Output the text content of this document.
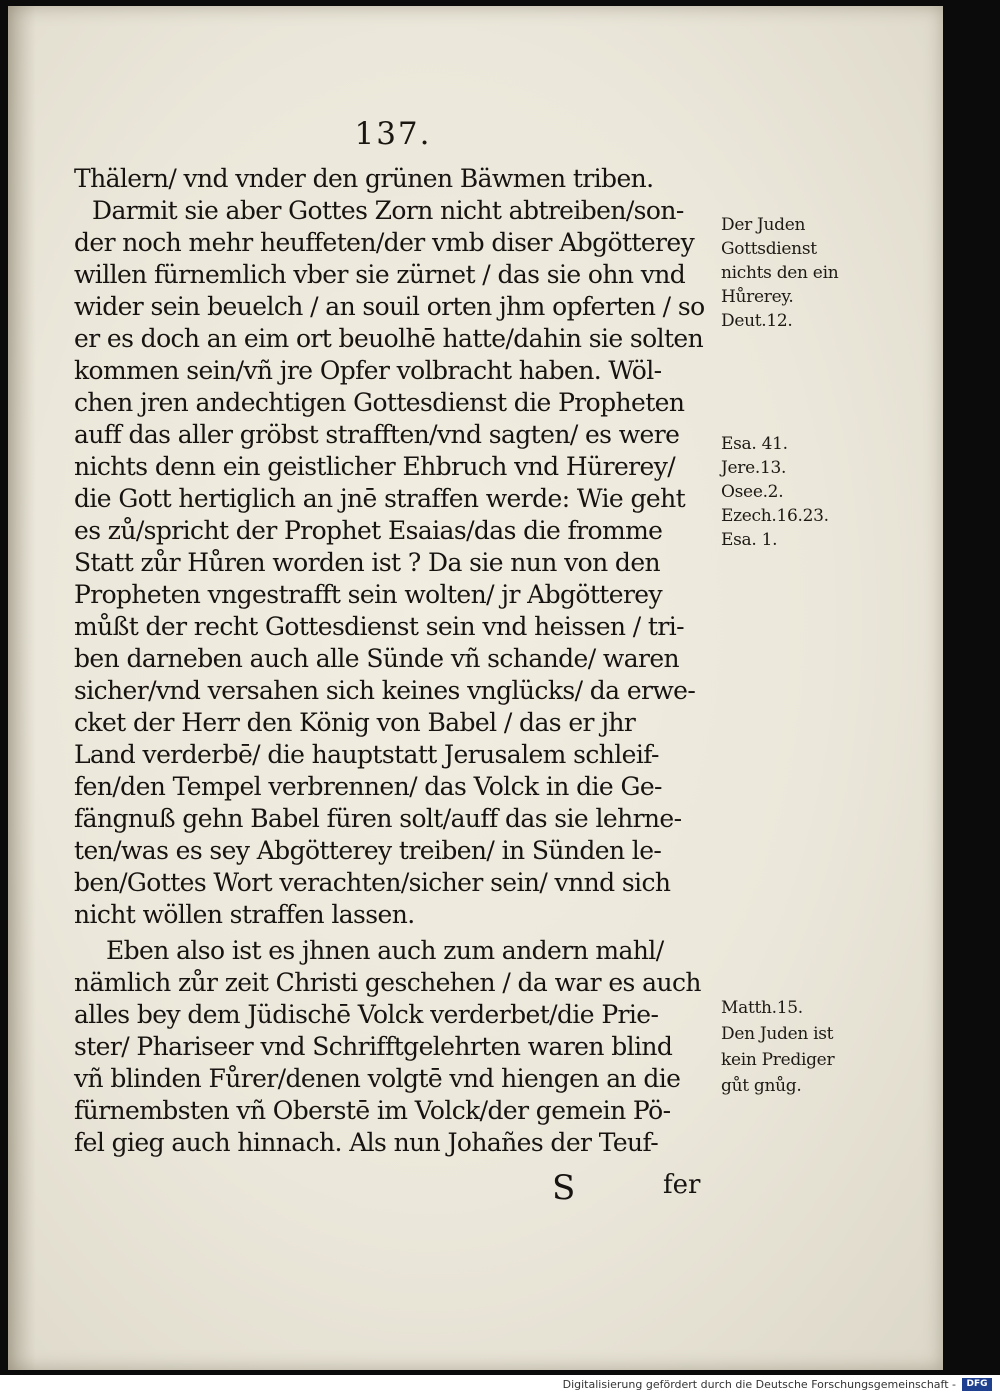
137.
Thälern/ vnd vnder den grünen Bäwmen triben.
Darmit sie aber Gottes Zorn nicht abtreiben/son-
der noch mehr heuffeten/der vmb diser Abgötterey
willen fürnemlich vber sie zürnet / das sie ohn vnd
wider sein beuelch / an souil orten jhm opferten / so
er es doch an eim ort beuolhē hatte/dahin sie solten
kommen sein/vñ jre Opfer volbracht haben. Wöl-
chen jren andechtigen Gottesdienst die Propheten
auff das aller gröbst strafften/vnd sagten/ es were
nichts denn ein geistlicher Ehbruch vnd Hürerey/
die Gott hertiglich an jnē straffen werde: Wie geht
es zů/spricht der Prophet Esaias/das die fromme
Statt zůr Hůren worden ist ? Da sie nun von den
Propheten vngestrafft sein wolten/ jr Abgötterey
můßt der recht Gottesdienst sein vnd heissen / tri-
ben darneben auch alle Sünde vñ schande/ waren
sicher/vnd versahen sich keines vnglücks/ da erwe-
cket der Herr den König von Babel / das er jhr
Land verderbē/ die hauptstatt Jerusalem schleif-
fen/den Tempel verbrennen/ das Volck in die Ge-
fängnuß gehn Babel füren solt/auff das sie lehrne-
ten/was es sey Abgötterey treiben/ in Sünden le-
ben/Gottes Wort verachten/sicher sein/ vnnd sich
nicht wöllen straffen lassen.
Eben also ist es jhnen auch zum andern mahl/
nämlich zůr zeit Christi geschehen / da war es auch
alles bey dem Jüdischē Volck verderbet/die Prie-
ster/ Phariseer vnd Schrifftgelehrten waren blind
vñ blinden Fůrer/denen volgtē vnd hiengen an die
fürnembsten vñ Oberstē im Volck/der gemein Pö-
fel gieg auch hinnach. Als nun Johañes der Teuf-
Der Juden
Gottsdienst
nichts den ein
Hůrerey.
Deut.12.
Esa. 41.
Jere.13.
Osee.2.
Ezech.16.23.
Esa. 1.
Matth.15.
Den Juden ist
kein Prediger
gůt gnůg.
S	fer
Digitalisierung gefördert durch die Deutsche Forschungsgemeinschaft -	DFG
